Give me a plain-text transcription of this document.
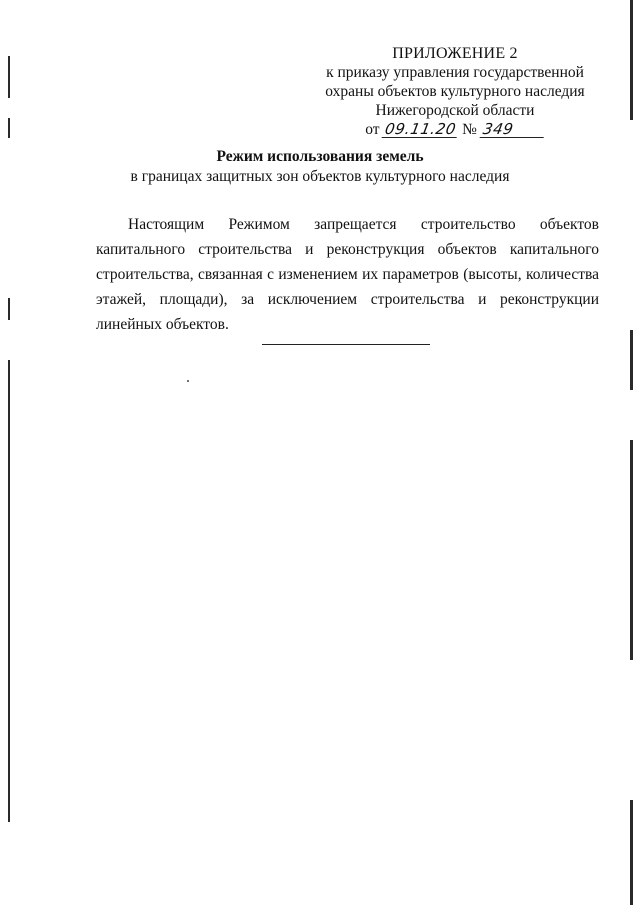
ПРИЛОЖЕНИЕ 2
к приказу управления государственной
охраны объектов культурного наследия
Нижегородской области
от 09.11.20 № 349
Режим использования земель
в границах защитных зон объектов культурного наследия
Настоящим Режимом запрещается строительство объектов капитального строительства и реконструкция объектов капитального строительства, связанная с изменением их параметров (высоты, количества этажей, площади), за исключением строительства и реконструкции линейных объектов.
